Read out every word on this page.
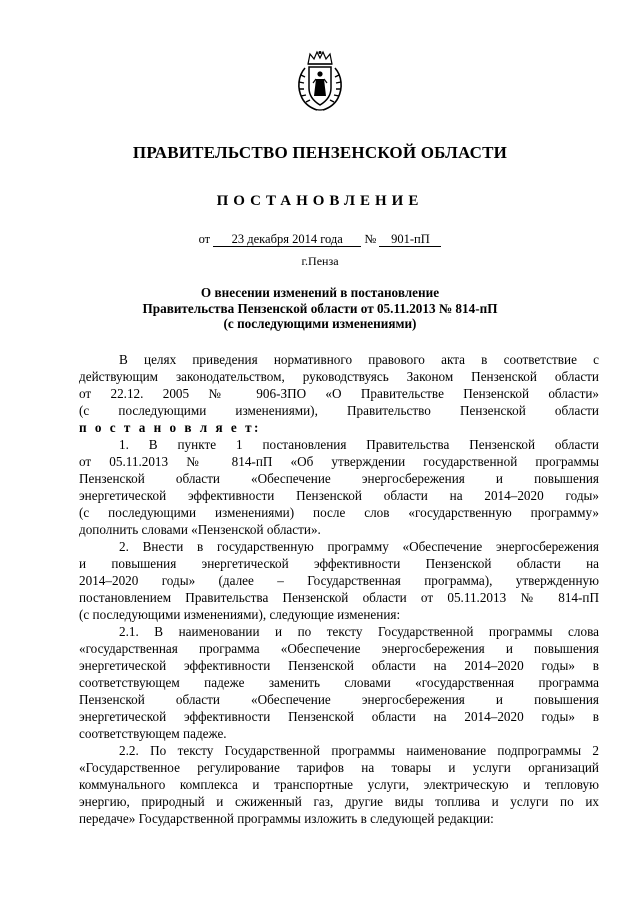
ПРАВИТЕЛЬСТВО ПЕНЗЕНСКОЙ ОБЛАСТИ
ПОСТАНОВЛЕНИЕ
от 23 декабря 2014 года № 901-пП
г.Пенза
О внесении изменений в постановление
Правительства Пензенской области от 05.11.2013 № 814-пП
(с последующими изменениями)
В целях приведения нормативного правового акта в соответствие с
действующим законодательством, руководствуясь Законом Пензенской области
от 22.12. 2005 № 906-ЗПО «О Правительстве Пензенской области»
(с последующими изменениями), Правительство Пензенской области
п о с т а н о в л я е т:
1. В пункте 1 постановления Правительства Пензенской области
от 05.11.2013 № 814-пП «Об утверждении государственной программы
Пензенской области «Обеспечение энергосбережения и повышения
энергетической эффективности Пензенской области на 2014–2020 годы»
(с последующими изменениями) после слов «государственную программу»
дополнить словами «Пензенской области».
2. Внести в государственную программу «Обеспечение энергосбережения
и повышения энергетической эффективности Пензенской области на
2014–2020 годы» (далее – Государственная программа), утвержденную
постановлением Правительства Пензенской области от 05.11.2013 № 814-пП
(с последующими изменениями), следующие изменения:
2.1. В наименовании и по тексту Государственной программы слова
«государственная программа «Обеспечение энергосбережения и повышения
энергетической эффективности Пензенской области на 2014–2020 годы» в
соответствующем падеже заменить словами «государственная программа
Пензенской области «Обеспечение энергосбережения и повышения
энергетической эффективности Пензенской области на 2014–2020 годы» в
соответствующем падеже.
2.2. По тексту Государственной программы наименование подпрограммы 2
«Государственное регулирование тарифов на товары и услуги организаций
коммунального комплекса и транспортные услуги, электрическую и тепловую
энергию, природный и сжиженный газ, другие виды топлива и услуги по их
передаче» Государственной программы изложить в следующей редакции:
